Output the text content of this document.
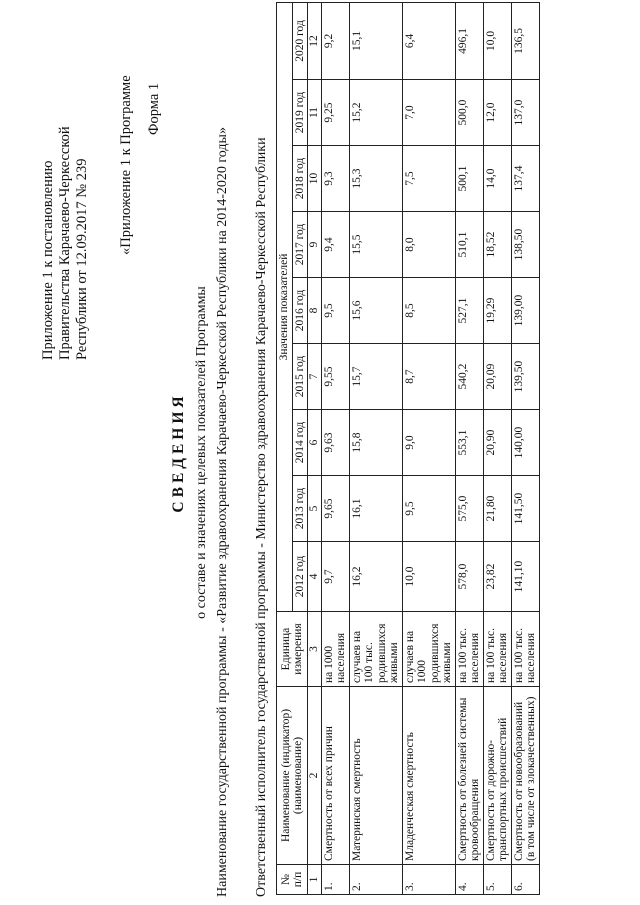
Приложение 1 к постановлению Правительства Карачаево-Черкесской Республики от 12.09.2017 № 239 «Приложение 1 к Программе Форма 1
СВЕДЕНИЯ о составе и значениях целевых показателей Программы Наименование государственной программы - «Развитие здравоохранения Карачаево-Черкесской Республики на 2014-2020 годы» Ответственный исполнитель государственной программы - Министерство здравоохранения Карачаево-Черкесской Республики № п/п	Наименование (индикатор) (наименование)	Единица измерения	Значения показателей								
			2012 год	2013 год	2014 год	2015 год	2016 год	2017 год	2018 год	2019 год	2020 год
1	2	3	4	5	6	7	8	9	10	11	12
1.	Смертность от всех причин	на 1000 населения	9,7	9,65	9,63	9,55	9,5	9,4	9,3	9,25	9,2
2.	Материнская смертность	случаев на 100 тыс. родившихся живыми	16,2	16,1	15,8	15,7	15,6	15,5	15,3	15,2	15,1
3.	Младенческая смертность	случаев на 1000 родившихся живыми	10,0	9,5	9,0	8,7	8,5	8,0	7,5	7,0	6,4
4.	Смертность от болезней системы кровообращения	на 100 тыс. населения	578,0	575,0	553,1	540,2	527,1	510,1	500,1	500,0	496,1
5.	Смертность от дорожно-транспортных происшествий	на 100 тыс. населения	23,82	21,80	20,90	20,09	19,29	18,52	14,0	12,0	10,0
6.	Смертность от новообразований (в том числе от злокачественных)	на 100 тыс. населения	141,10	141,50	140,00	139,50	139,00	138,50	137,4	137,0	136,5
